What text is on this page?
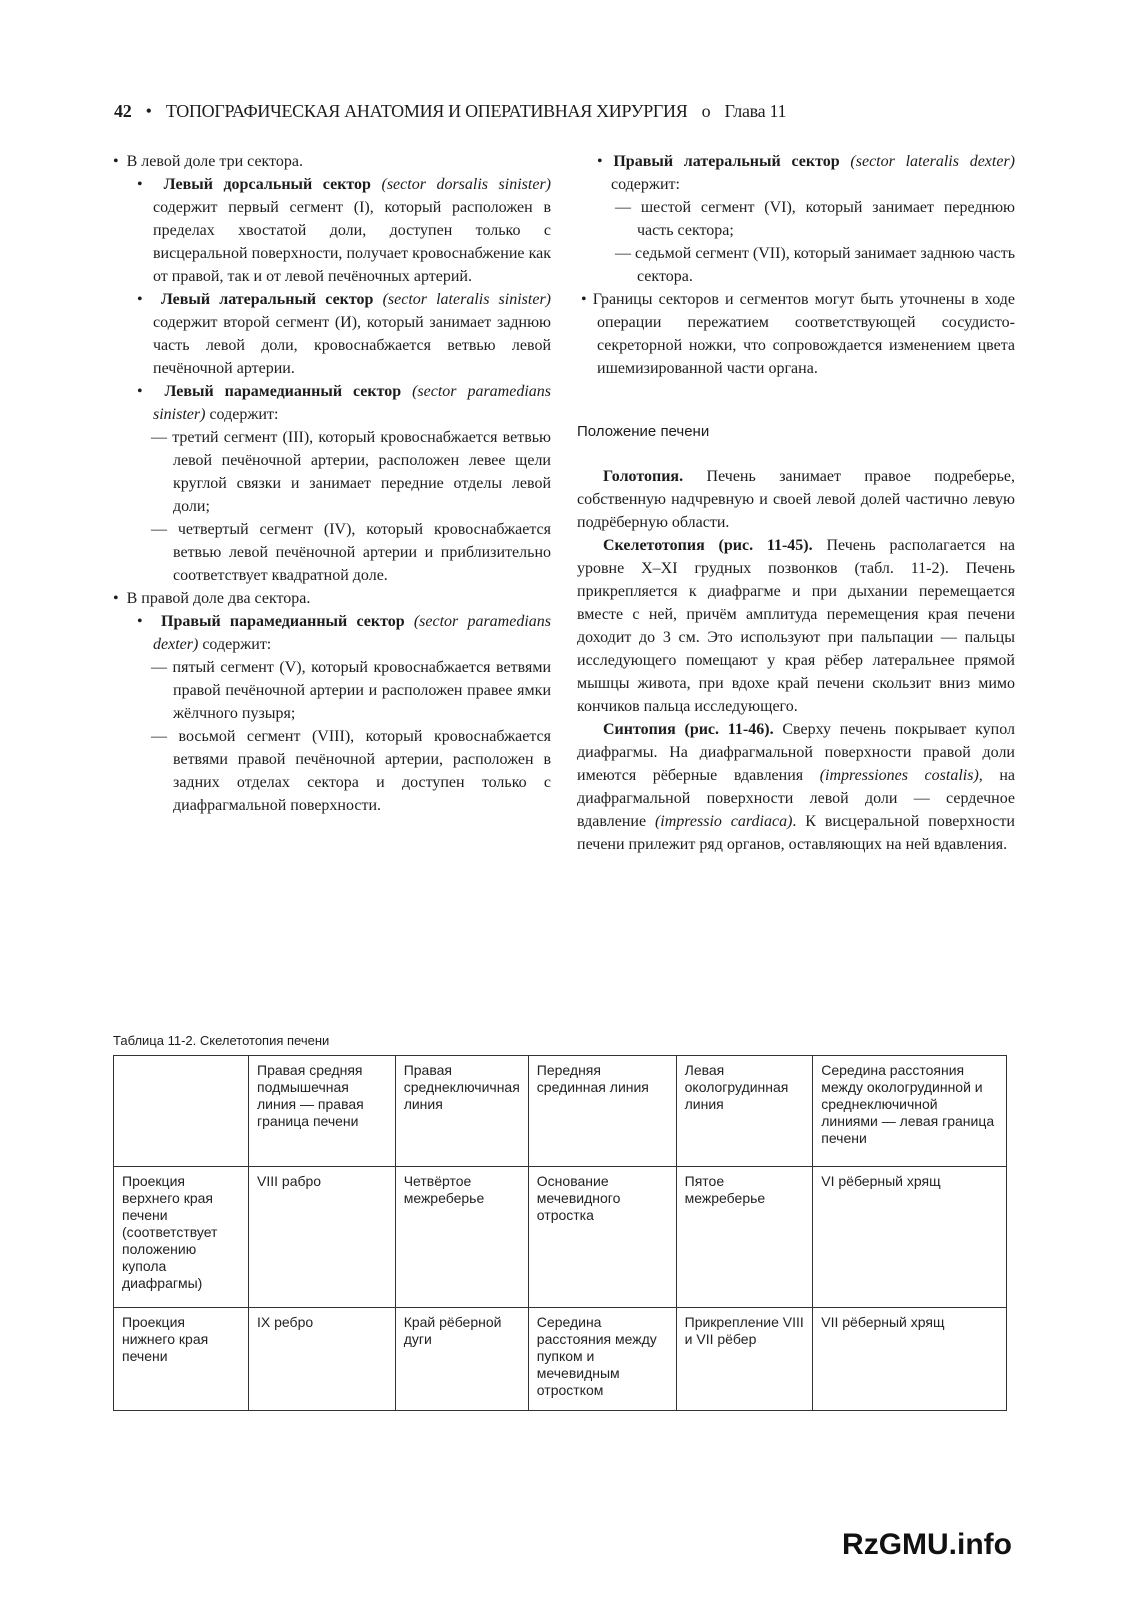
42 • ТОПОГРАФИЧЕСКАЯ АНАТОМИЯ И ОПЕРАТИВНАЯ ХИРУРГИЯ о Глава 11

•  В левой доле три сектора.

•  Левый дорсальный сектор (sector dorsalis sinister) содержит первый сегмент (I), который расположен в пределах хвостатой доли, доступен только с висцеральной поверхности, получает кровоснабжение как от правой, так и от левой печёночных артерий.

•  Левый латеральный сектор (sector lateralis sinister) содержит второй сегмент (И), который занимает заднюю часть левой доли, кровоснабжается ветвью левой печёночной артерии.

•  Левый парамедианный сектор (sector paramedians sinister) содержит:

— третий сегмент (III), который кровоснабжается ветвью левой печёночной артерии, расположен левее щели круглой связки и занимает передние отделы левой доли;

— четвертый сегмент (IV), который кровоснабжается ветвью левой печёночной артерии и приблизительно соответствует квадратной доле.

•  В правой доле два сектора.

•  Правый парамедианный сектор (sector paramedians dexter) содержит:

— пятый сегмент (V), который кровоснабжается ветвями правой печёночной артерии и расположен правее ямки жёлчного пузыря;

— восьмой сегмент (VIII), который кровоснабжается ветвями правой печёночной артерии, расположен в задних отделах сектора и доступен только с диафрагмальной поверхности.

• Правый латеральный сектор (sector lateralis dexter) содержит:

— шестой сегмент (VI), который занимает переднюю часть сектора;

— седьмой сегмент (VII), который занимает заднюю часть сектора.

• Границы секторов и сегментов могут быть уточнены в ходе операции пережатием соответствующей сосудисто-секреторной ножки, что сопровождается изменением цвета ишемизированной части органа.

Положение печени

Голотопия. Печень занимает правое подреберье, собственную надчревную и своей левой долей частично левую подрёберную области.

Скелетотопия (рис. 11-45). Печень располагается на уровне X–XI грудных позвонков (табл. 11-2). Печень прикрепляется к диафрагме и при дыхании перемещается вместе с ней, причём амплитуда перемещения края печени доходит до 3 см. Это используют при пальпации — пальцы исследующего помещают у края рёбер латеральнее прямой мышцы живота, при вдохе край печени скользит вниз мимо кончиков пальца исследующего.

Синтопия (рис. 11-46). Сверху печень покрывает купол диафрагмы. На диафрагмальной поверхности правой доли имеются рёберные вдавления (impressiones costalis), на диафрагмальной поверхности левой доли — сердечное вдавление (impressio cardiaca). К висцеральной поверхности печени прилежит ряд органов, оставляющих на ней вдавления.

Таблица 11-2. Скелетотопия печени
	Правая средняя подмышечная линия — правая граница печени	Правая среднеключичная линия	Передняя срединная линия	Левая окологрудинная линия	Середина расстояния между окологрудинной и среднеключичной линиями — левая граница печени
Проекция верхнего края печени (соответствует положению купола диафрагмы)	VIII рабро	Четвёртое межреберье	Основание мечевидного отростка	Пятое межреберье	VI рёберный хрящ
Проекция нижнего края печени	IX ребро	Край рёберной дуги	Середина расстояния между пупком и мечевидным отростком	Прикрепление VIII и VII рёбер	VII рёберный хрящ
RzGMU.info
